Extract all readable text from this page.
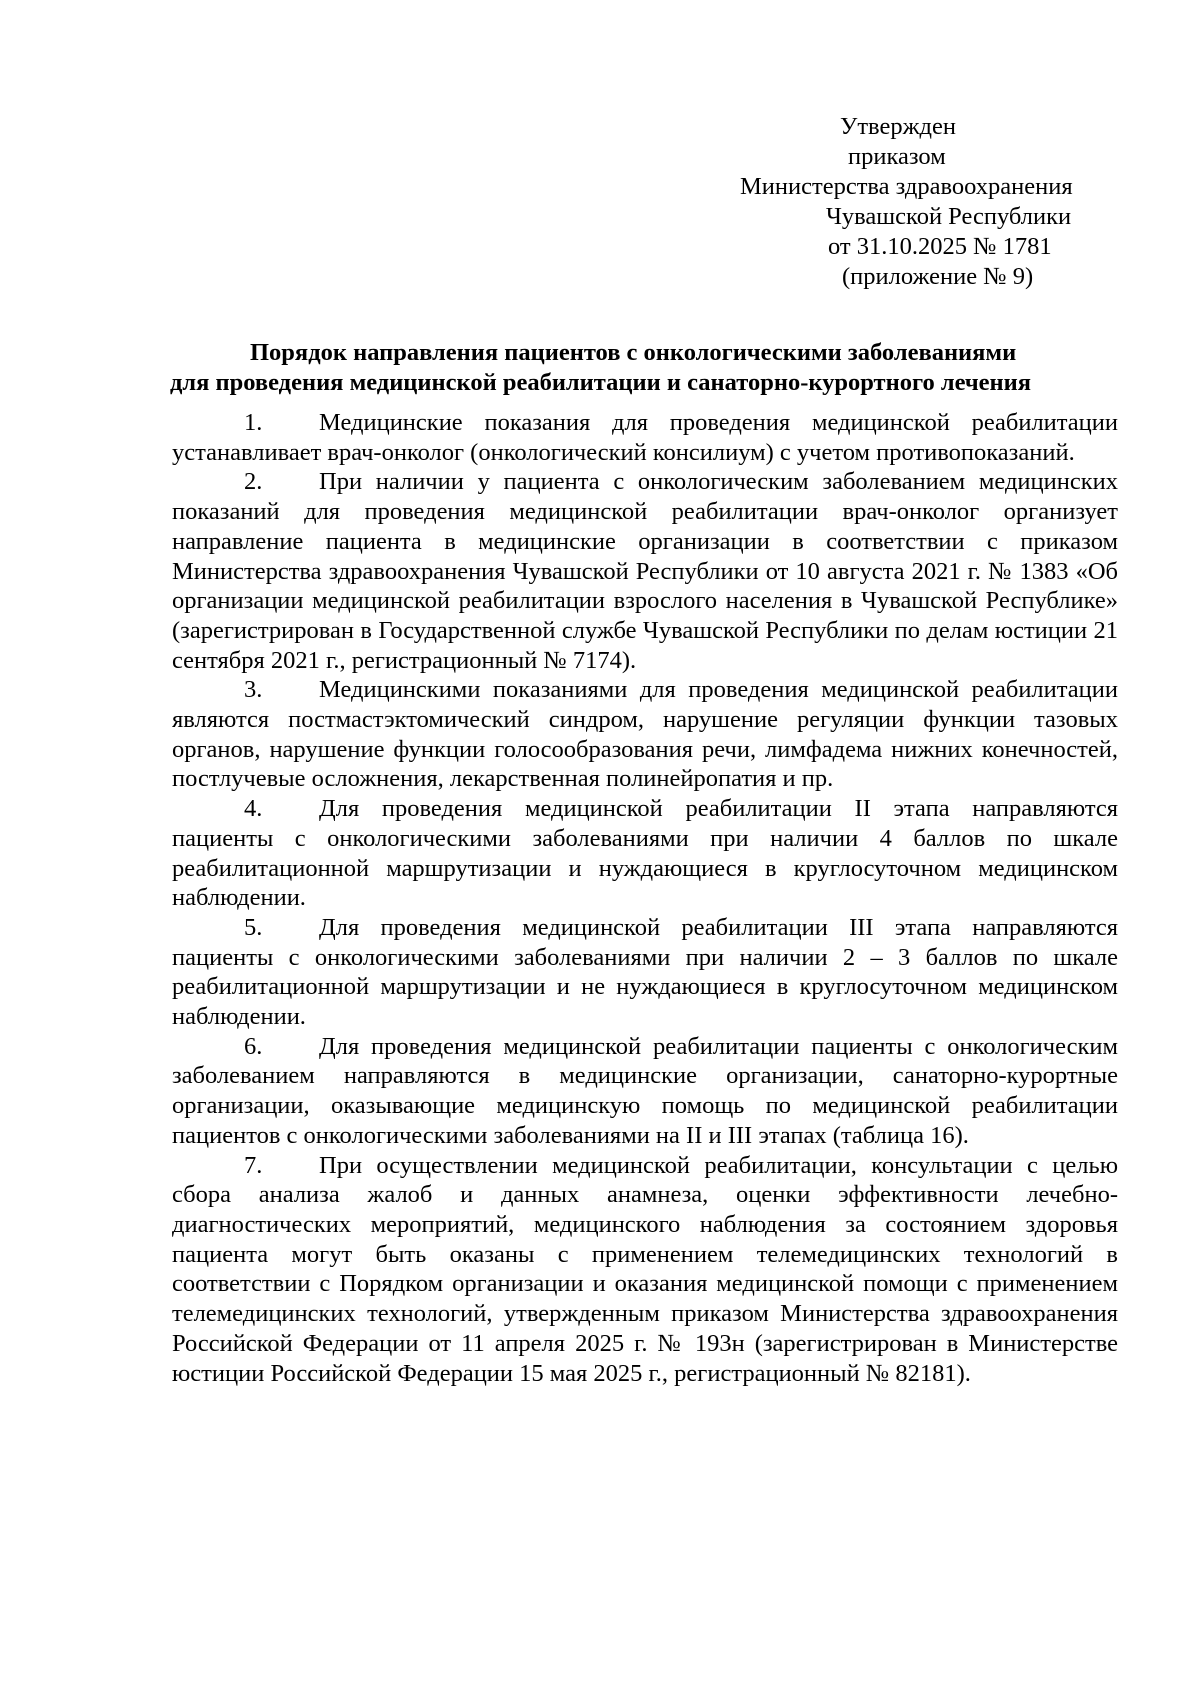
Утвержден
приказом
Министерства здравоохранения
Чувашской Республики
от 31.10.2025 № 1781
(приложение № 9)
Порядок направления пациентов с онкологическими заболеваниями
для проведения медицинской реабилитации и санаторно-курортного лечения

1. Медицинские показания для проведения медицинской реабилитации устанавливает врач-онколог (онкологический консилиум) с учетом противопоказаний.

2. При наличии у пациента с онкологическим заболеванием медицинских показаний для проведения медицинской реабилитации врач-онколог организует направление пациента в медицинские организации в соответствии с приказом Министерства здравоохранения Чувашской Республики от 10 августа 2021 г. № 1383 «Об организации медицинской реабилитации взрослого населения в Чувашской Республике» (зарегистрирован в Государственной службе Чувашской Республики по делам юстиции 21 сентября 2021 г., регистрационный № 7174).

3. Медицинскими показаниями для проведения медицинской реабилитации являются постмастэктомический синдром, нарушение регуляции функции тазовых органов, нарушение функции голосообразования речи, лимфадема нижних конечностей, постлучевые осложнения, лекарственная полинейропатия и пр.

4. Для проведения медицинской реабилитации II этапа направляются пациенты с онкологическими заболеваниями при наличии 4 баллов по шкале реабилитационной маршрутизации и нуждающиеся в круглосуточном медицинском наблюдении.

5. Для проведения медицинской реабилитации III этапа направляются пациенты с онкологическими заболеваниями при наличии 2 – 3 баллов по шкале реабилитационной маршрутизации и не нуждающиеся в круглосуточном медицинском наблюдении.

6. Для проведения медицинской реабилитации пациенты с онкологическим заболеванием направляются в медицинские организации, санаторно-курортные организации, оказывающие медицинскую помощь по медицинской реабилитации пациентов с онкологическими заболеваниями на II и III этапах (таблица 16).

7. При осуществлении медицинской реабилитации, консультации с целью сбора анализа жалоб и данных анамнеза, оценки эффективности лечебно-диагностических мероприятий, медицинского наблюдения за состоянием здоровья пациента могут быть оказаны с применением телемедицинских технологий в соответствии с Порядком организации и оказания медицинской помощи с применением телемедицинских технологий, утвержденным приказом Министерства здравоохранения Российской Федерации от 11 апреля 2025 г. № 193н (зарегистрирован в Министерстве юстиции Российской Федерации 15 мая 2025 г., регистрационный № 82181).
